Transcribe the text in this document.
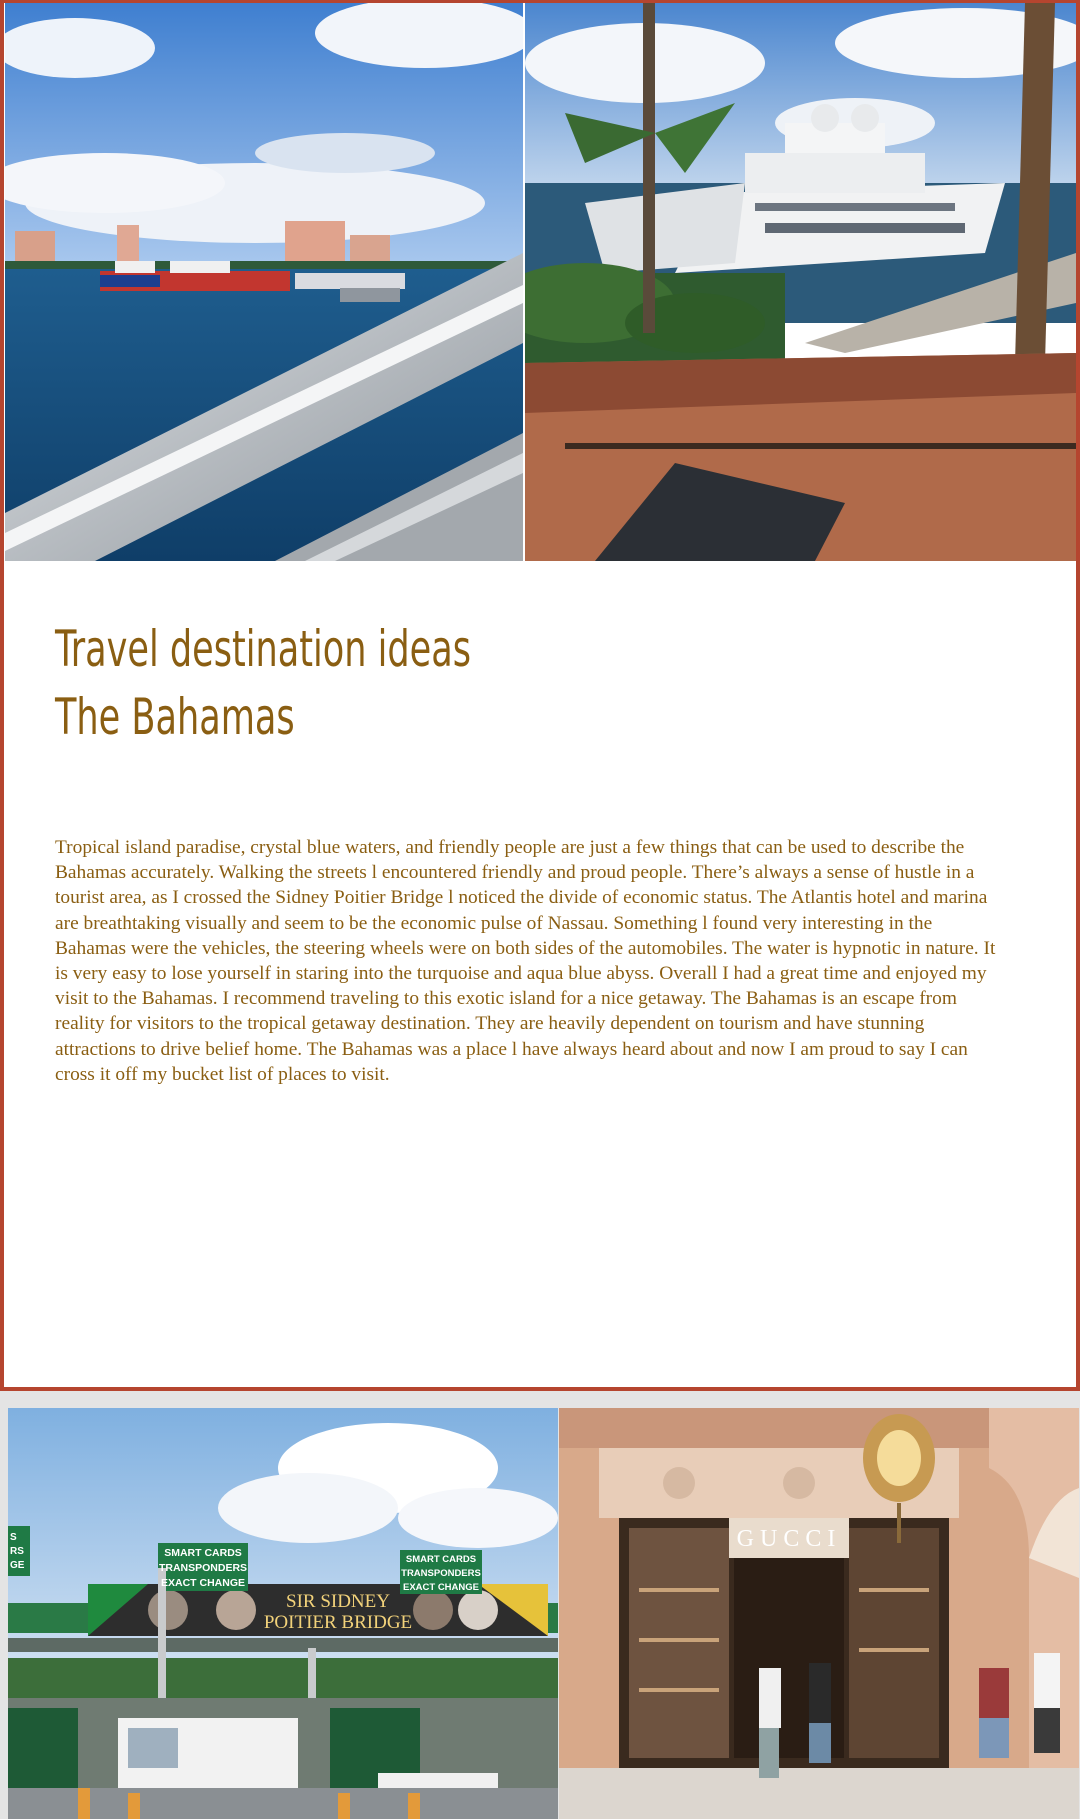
Travel destination ideas
The Bahamas
Tropical island paradise, crystal blue waters, and friendly people are just a few things that can be used to describe the Bahamas accurately. Walking the streets l encountered friendly and proud people. There’s always a sense of hustle in a tourist area, as I crossed the Sidney Poitier Bridge l noticed the divide of economic status. The Atlantis hotel and marina are breathtaking visually and seem to be the economic pulse of Nassau. Something l found very interesting in the Bahamas were the vehicles, the steering wheels were on both sides of the automobiles. The water is hypnotic in nature. It is very easy to lose yourself in staring into the turquoise and aqua blue abyss. Overall I had a great time and enjoyed my visit to the Bahamas. I recommend traveling to this exotic island for a nice getaway. The Bahamas is an escape from reality for visitors to the tropical getaway destination. They are heavily dependent on tourism and have stunning attractions to drive belief home. The Bahamas was a place l have always heard about and now I am proud to say I can cross it off my bucket list of places to visit.
SMART CARDS
TRANSPONDERS
EXACT CHANGE
SMART CARDS
TRANSPONDERS
EXACT CHANGE
S
RS
GE
SIR SIDNEY
POITIER BRIDGE
GUCCI
